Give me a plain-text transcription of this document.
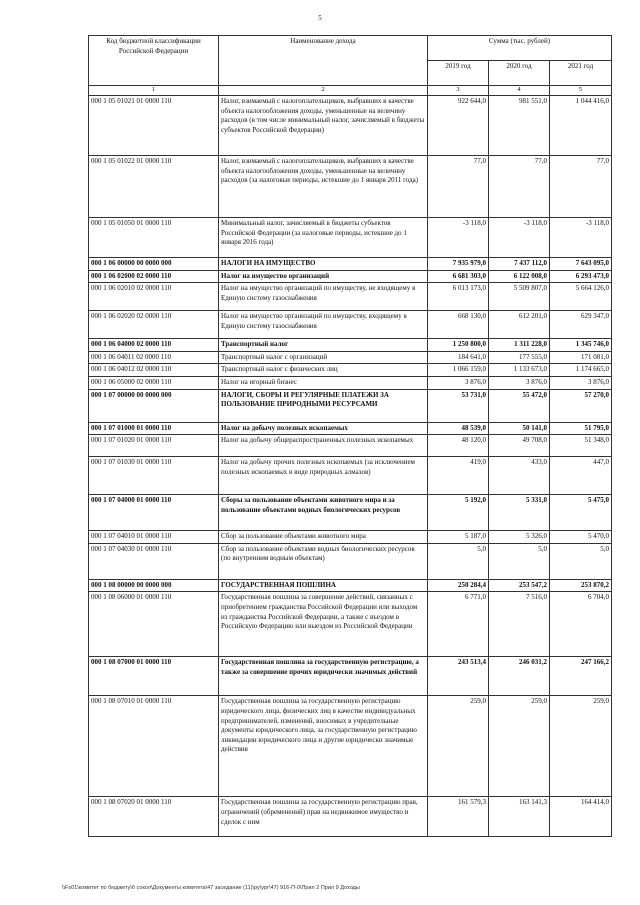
5
Код бюджетной классификации Российской Федерации	Наименование дохода	Сумма (тыс. рублей)		
		2019 год	2020 год	2021 год
1	2	3	4	5
000 1 05 01021 01 0000 110	Налог, взимаемый с налогоплательщиков, выбравших в качестве объекта налогообложения доходы, уменьшенные на величину расходов (в том числе минимальный налог, зачисляемый в бюджеты субъектов Российской Федерации)	922 644,0	981 551,0	1 044 416,0
000 1 05 01022 01 0000 110	Налог, взимаемый с налогоплательщиков, выбравших в качестве объекта налогообложения доходы, уменьшенные на величину расходов (за налоговые периоды, истекшие до 1 января 2011 года)	77,0	77,0	77,0
000 1 05 01050 01 0000 110	Минимальный налог, зачисляемый в бюджеты субъектов Российской Федерации (за налоговые периоды, истекшие до 1 января 2016 года)	-3 118,0	-3 118,0	-3 118,0
000 1 06 00000 00 0000 000	НАЛОГИ НА ИМУЩЕСТВО	7 935 979,0	7 437 112,0	7 643 095,0
000 1 06 02000 02 0000 110	Налог на имущество организаций	6 681 303,0	6 122 008,0	6 293 473,0
000 1 06 02010 02 0000 110	Налог на имущество организаций по имуществу, не входящему в Единую систему газоснабжения	6 013 173,0	5 509 807,0	5 664 126,0
000 1 06 02020 02 0000 110	Налог на имущество организаций по имуществу, входящему в Единую систему газоснабжения	668 130,0	612 201,0	629 347,0
000 1 06 04000 02 0000 110	Транспортный налог	1 250 800,0	1 311 228,0	1 345 746,0
000 1 06 04011 02 0000 110	Транспортный налог с организаций	184 641,0	177 555,0	171 081,0
000 1 06 04012 02 0000 110	Транспортный налог с физических лиц	1 066 159,0	1 133 673,0	1 174 665,0
000 1 06 05000 02 0000 110	Налог на игорный бизнес	3 876,0	3 876,0	3 876,0
000 1 07 00000 00 0000 000	НАЛОГИ, СБОРЫ И РЕГУЛЯРНЫЕ ПЛАТЕЖИ ЗА ПОЛЬЗОВАНИЕ ПРИРОДНЫМИ РЕСУРСАМИ	53 731,0	55 472,0	57 270,0
000 1 07 01000 01 0000 110	Налог на добычу полезных ископаемых	48 539,0	50 141,0	51 795,0
000 1 07 01020 01 0000 110	Налог на добычу общераспространенных полезных ископаемых	48 120,0	49 708,0	51 348,0
000 1 07 01030 01 0000 110	Налог на добычу прочих полезных ископаемых (за исключением полезных ископаемых в виде природных алмазов)	419,0	433,0	447,0
000 1 07 04000 01 0000 110	Сборы за пользование объектами животного мира и за пользование объектами водных биологических ресурсов	5 192,0	5 331,0	5 475,0
000 1 07 04010 01 0000 110	Сбор за пользование объектами животного мира	5 187,0	5 326,0	5 470,0
000 1 07 04030 01 0000 110	Сбор за пользование объектами водных биологических ресурсов (по внутренним водным объектам)	5,0	5,0	5,0
000 1 08 00000 00 0000 000	ГОСУДАРСТВЕННАЯ ПОШЛИНА	250 284,4	253 547,2	253 870,2
000 1 08 06000 01 0000 110	Государственная пошлина за совершение действий, связанных с приобретением гражданства Российской Федерации или выходом из гражданства Российской Федерации, а также с въездом в Российскую Федерацию или выездом из Российской Федерации	6 771,0	7 516,0	6 704,0
000 1 08 07000 01 0000 110	Государственная пошлина за государственную регистрацию, а также за совершение прочих юридически значимых действий	243 513,4	246 031,2	247 166,2
000 1 08 07010 01 0000 110	Государственная пошлина за государственную регистрацию юридического лица, физических лиц в качестве индивидуальных предпринимателей, изменений, вносимых в учредительные документы юридического лица, за государственную регистрацию ликвидации юридического лица и другие юридически значимые действия	259,0	259,0	259,0
000 1 08 07020 01 0000 110	Государственная пошлина за государственную регистрацию прав, ограничений (обременений) прав на недвижимое имущество и сделок с ним	161 579,3	163 141,3	164 414,0
\\Fs01\комитет по бюджету\б сокол\Документы комитета\47 заседание (11)\ру\ург\47) 916-П-0\Прил 2 Прил 9 Доходы
